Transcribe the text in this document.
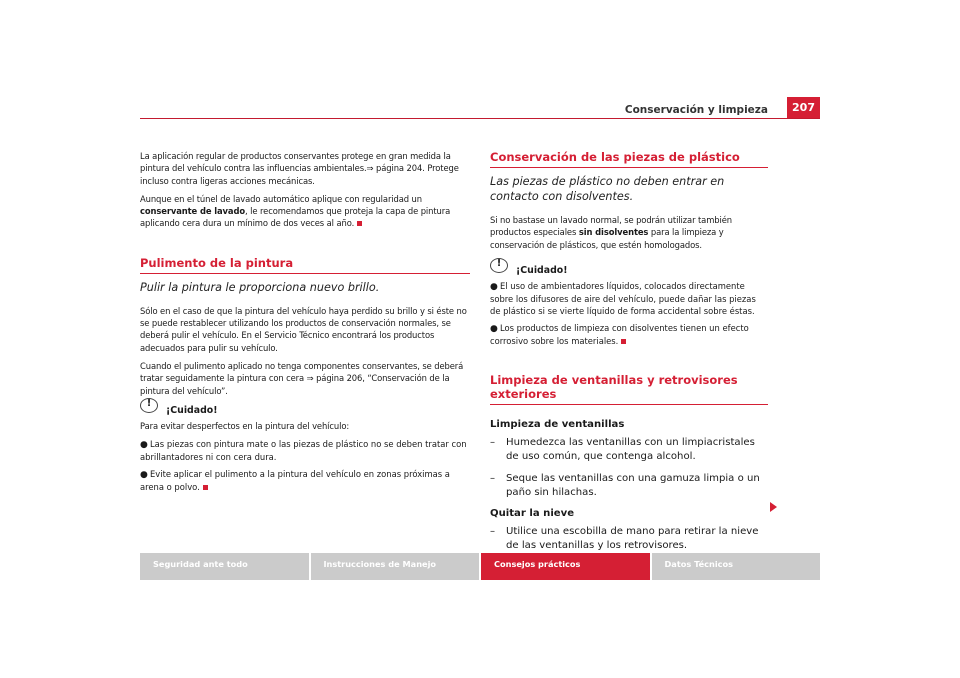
Conservación y limpieza	207

La aplicación regular de productos conservantes protege en gran medida la pintura del vehículo contra las influencias ambientales.⇒ página 204. Protege incluso contra ligeras acciones mecánicas.

Aunque en el túnel de lavado automático aplique con regularidad un conservante de lavado, le recomendamos que proteja la capa de pintura aplicando cera dura un mínimo de dos veces al año.

Pulimento de la pintura
Pulir la pintura le proporciona nuevo brillo.

Sólo en el caso de que la pintura del vehículo haya perdido su brillo y si éste no se puede restablecer utilizando los productos de conservación normales, se deberá pulir el vehículo. En el Servicio Técnico encontrará los productos adecuados para pulir su vehículo.

Cuando el pulimento aplicado no tenga componentes conservantes, se deberá tratar seguidamente la pintura con cera ⇒ página 206, “Conservación de la pintura del vehículo”.

!
¡Cuidado!

Para evitar desperfectos en la pintura del vehículo:

● Las piezas con pintura mate o las piezas de plástico no se deben tratar con abrillantadores ni con cera dura.
● Evite aplicar el pulimento a la pintura del vehículo en zonas próximas a arena o polvo.
Conservación de las piezas de plástico
Las piezas de plástico no deben entrar en contacto con disolventes.

Si no bastase un lavado normal, se podrán utilizar también productos especiales sin disolventes para la limpieza y conservación de plásticos, que estén homologados.

!
¡Cuidado!
● El uso de ambientadores líquidos, colocados directamente sobre los difusores de aire del vehículo, puede dañar las piezas de plástico si se vierte líquido de forma accidental sobre éstas.
● Los productos de limpieza con disolventes tienen un efecto corrosivo sobre los materiales.
Limpieza de ventanillas y retrovisores exteriores
Limpieza de ventanillas
– Humedezca las ventanillas con un limpiacristales de uso común, que contenga alcohol.
– Seque las ventanillas con una gamuza limpia o un paño sin hilachas.
Quitar la nieve
– Utilice una escobilla de mano para retirar la nieve de las ventanillas y los retrovisores.
Seguridad ante todo	Instrucciones de Manejo	Consejos prácticos	Datos Técnicos
